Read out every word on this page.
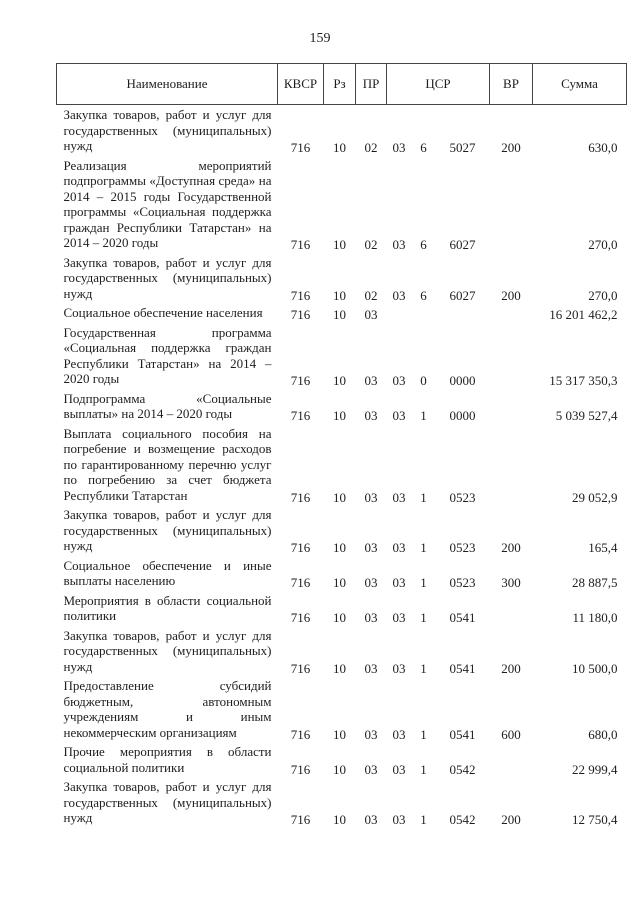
159
Наименование	КВСР	Рз	ПР	ЦСР			ВР	Сумма
Закупка товаров, работ и услуг для государственных (муниципальных) нужд	716	10	02	03	6	5027	200	630,0
Реализация мероприятий подпрограммы «Доступная среда» на 2014 – 2015 годы Государственной программы «Социальная поддержка граждан Республики Татарстан» на 2014 – 2020 годы	716	10	02	03	6	6027		270,0
Закупка товаров, работ и услуг для государственных (муниципальных) нужд	716	10	02	03	6	6027	200	270,0
Социальное обеспечение населения	716	10	03					16 201 462,2
Государственная программа «Социальная поддержка граждан Республики Татарстан» на 2014 – 2020 годы	716	10	03	03	0	0000		15 317 350,3
Подпрограмма «Социальные выплаты» на 2014 – 2020 годы	716	10	03	03	1	0000		5 039 527,4
Выплата социального пособия на погребение и возмещение расходов по гарантированному перечню услуг по погребению за счет бюджета Республики Татарстан	716	10	03	03	1	0523		29 052,9
Закупка товаров, работ и услуг для государственных (муниципальных) нужд	716	10	03	03	1	0523	200	165,4
Социальное обеспечение и иные выплаты населению	716	10	03	03	1	0523	300	28 887,5
Мероприятия в области социальной политики	716	10	03	03	1	0541		11 180,0
Закупка товаров, работ и услуг для государственных (муниципальных) нужд	716	10	03	03	1	0541	200	10 500,0
Предоставление субсидий бюджетным, автономным учреждениям и иным некоммерческим организациям	716	10	03	03	1	0541	600	680,0
Прочие мероприятия в области социальной политики	716	10	03	03	1	0542		22 999,4
Закупка товаров, работ и услуг для государственных (муниципальных) нужд	716	10	03	03	1	0542	200	12 750,4
